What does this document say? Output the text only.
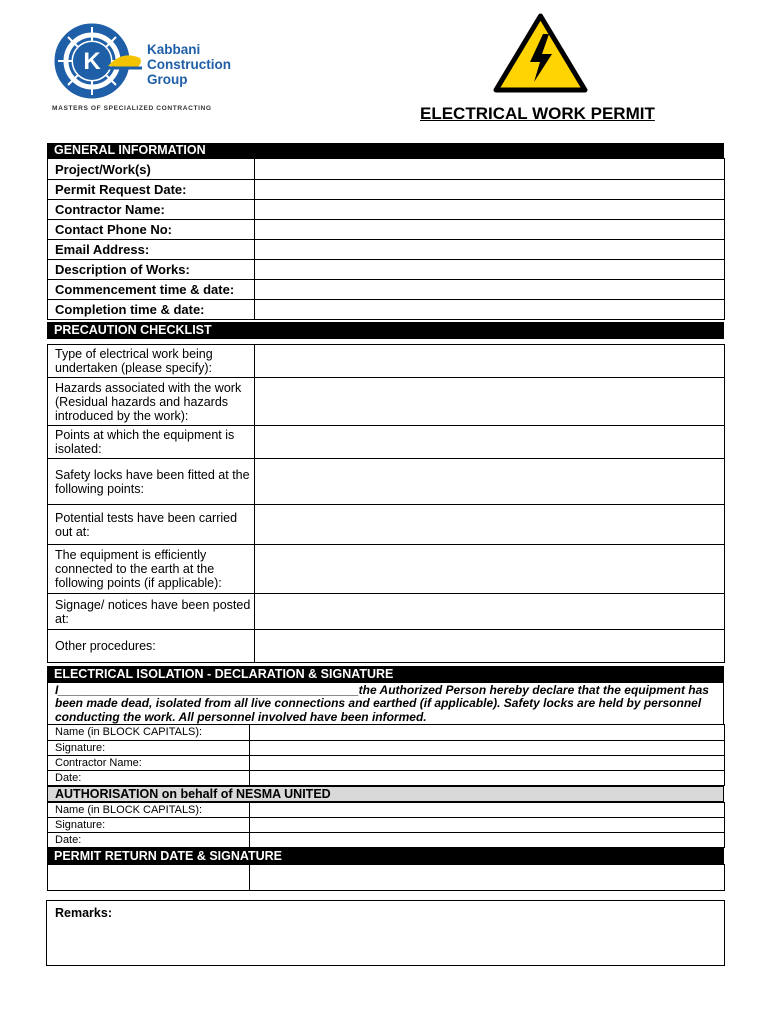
K	Kabbani
Construction
Group
MASTERS OF SPECIALIZED CONTRACTING	ELECTRICAL WORK PERMIT
GENERAL INFORMATION
Project/Work(s)	
Permit Request Date:	
Contractor Name:	
Contact Phone No:	
Email Address:	
Description of Works:	
Commencement time & date:	
Completion time & date:	
PRECAUTION CHECKLIST
Type of electrical work being undertaken (please specify):	
Hazards associated with the work (Residual hazards and hazards introduced by the work):	
Points at which the equipment is isolated:	
Safety locks have been fitted at the following points:	
Potential tests have been carried out at:	
The equipment is efficiently connected to the earth at the following points (if applicable):	
Signage/ notices have been posted at:	
Other procedures:	
ELECTRICAL ISOLATION - DECLARATION & SIGNATURE
I_____________________________________________the Authorized Person hereby declare that the equipment has been made dead, isolated from all live connections and earthed (if applicable). Safety locks are held by personnel conducting the work. All personnel involved have been informed.
Name (in BLOCK CAPITALS):	
Signature:	
Contractor Name:	
Date:	
AUTHORISATION on behalf of NESMA UNITED
Name (in BLOCK CAPITALS):	
Signature:	
Date:	
PERMIT RETURN DATE & SIGNATURE

Remarks:
